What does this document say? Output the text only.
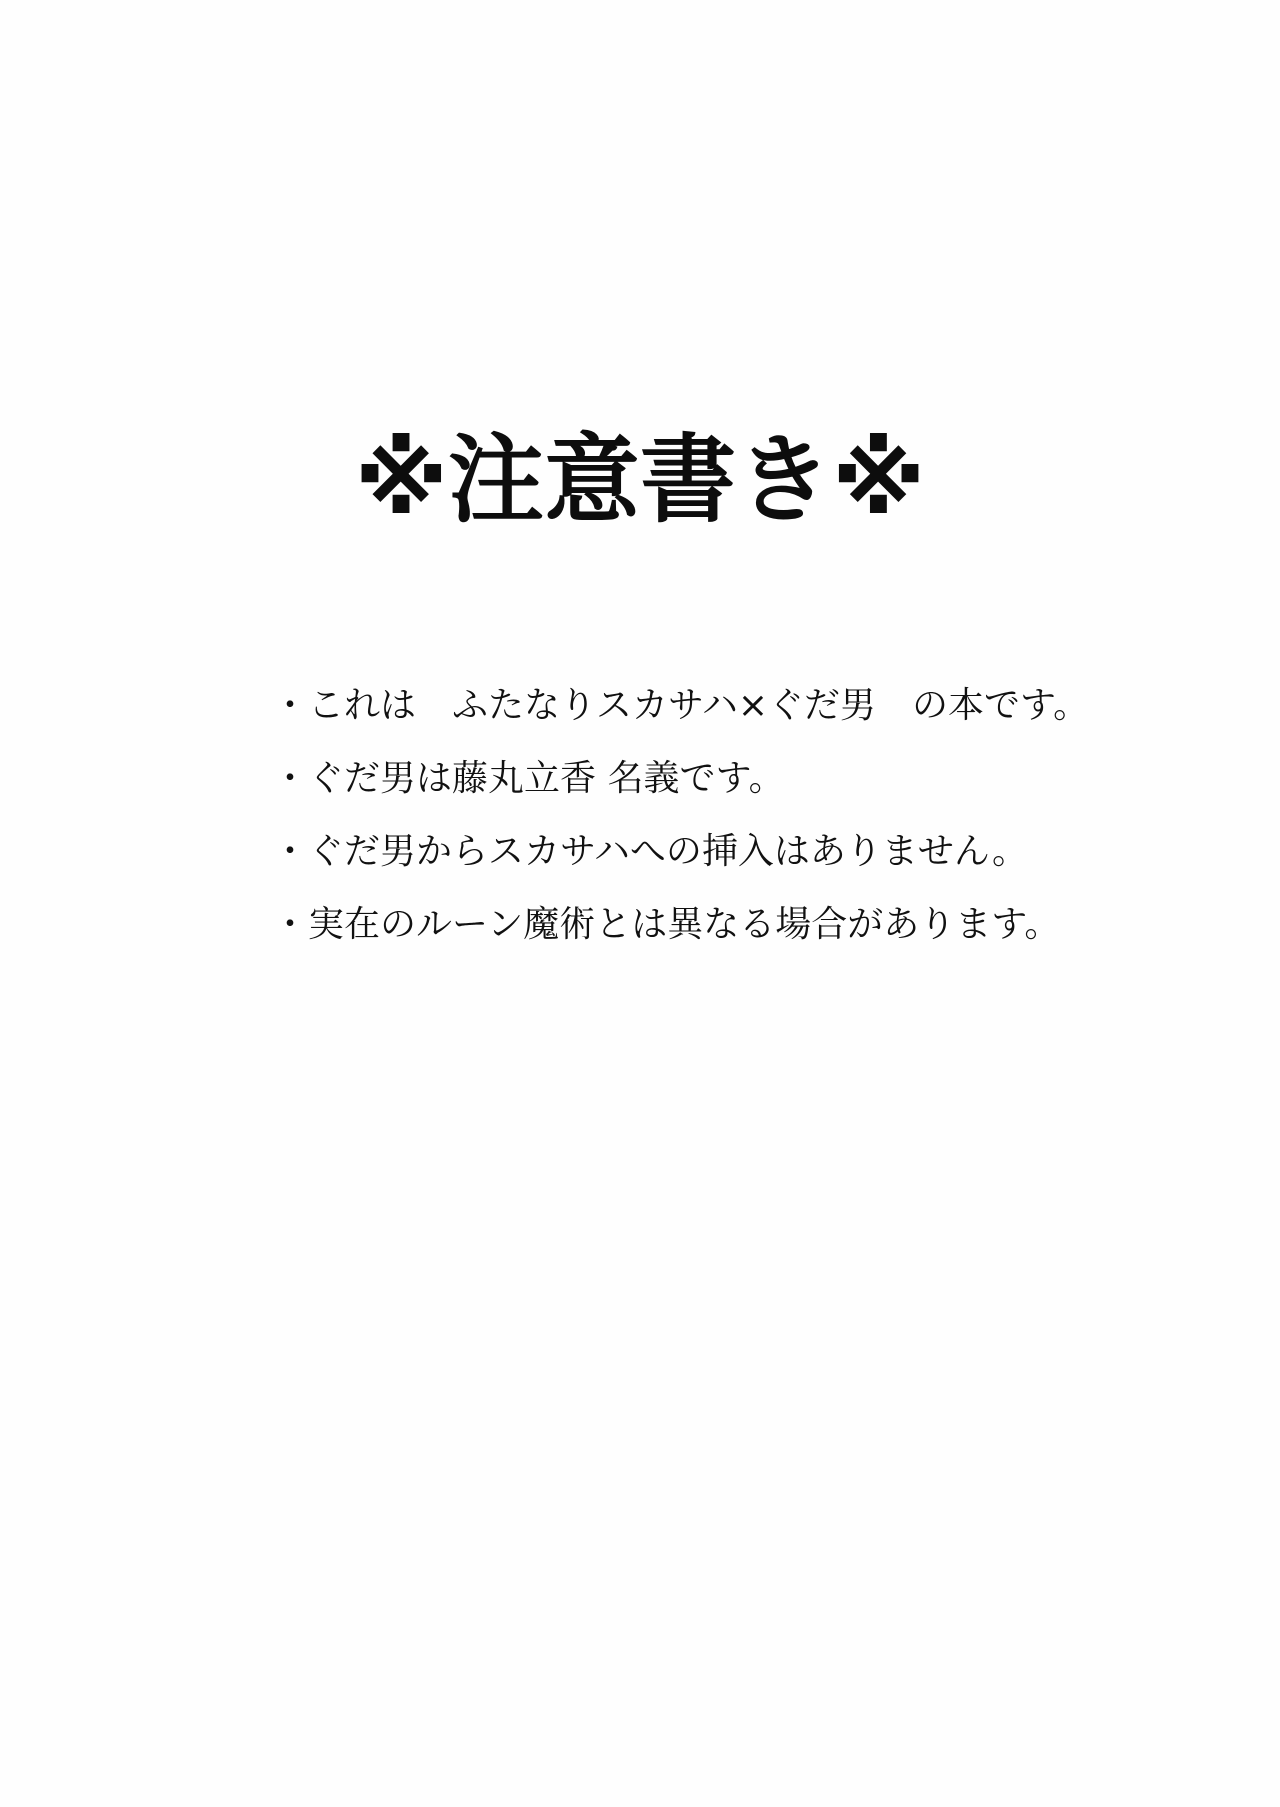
※注意書き※
・これは　ふたなりスカサハ×ぐだ男　の本です。
・ぐだ男は藤丸立香 名義です。
・ぐだ男からスカサハへの挿入はありません。
・実在のルーン魔術とは異なる場合があります。
